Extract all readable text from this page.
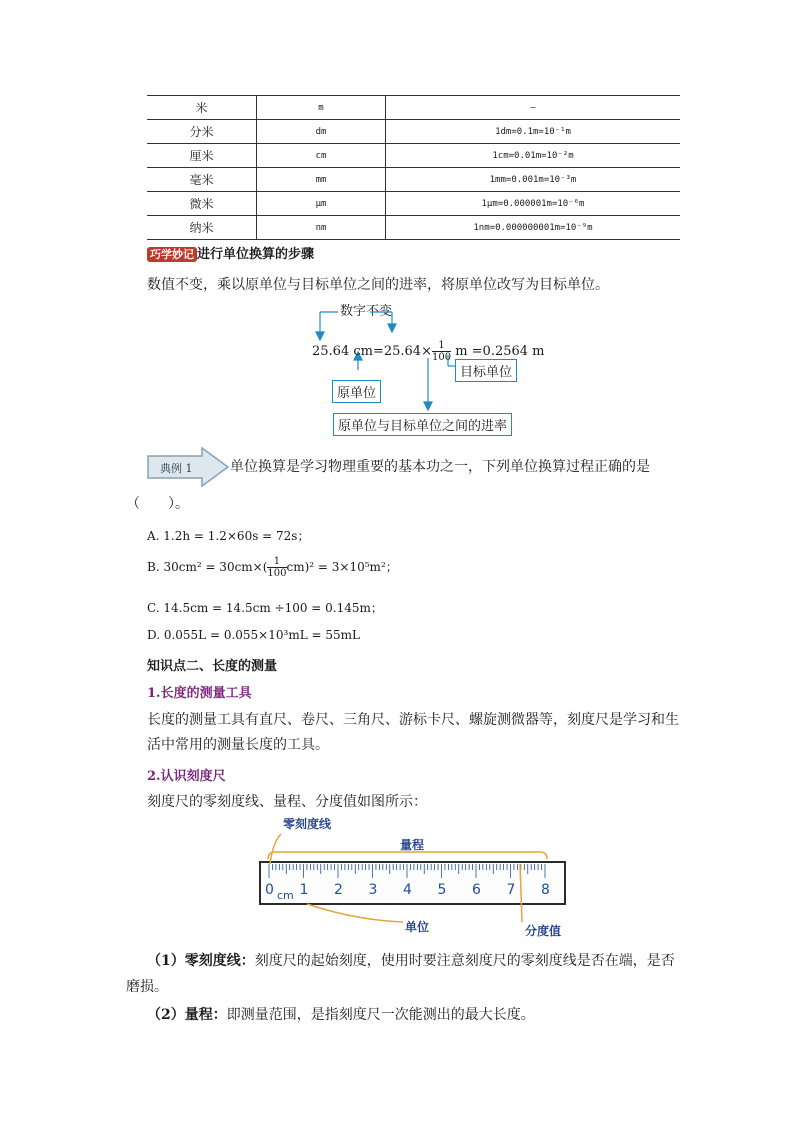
米	m	—
分米	dm	1dm=0.1m=10⁻¹m
厘米	cm	1cm=0.01m=10⁻²m
毫米	mm	1mm=0.001m=10⁻³m
微米	μm	1μm=0.000001m=10⁻⁶m
纳米	nm	1nm=0.000000001m=10⁻⁹m
巧学妙记 进行单位换算的步骤
数值不变，乘以原单位与目标单位之间的进率，将原单位改写为目标单位。
数字不变
25.64 $cm=25.64\times \frac{1}{100}$ m =0.2564 m
原单位
目标单位
原单位与目标单位之间的进率
典例 1	单位换算是学习物理重要的基本功之一，下列单位换算过程正确的是
（　　）。
A. 1.2h = 1.2×60s = 72s；
B. $30cm^2 = 30cm\times( \frac{1}{100} cm)^2 = 3\times 10^5m^2$；
C. 14.5cm = 14.5cm ÷100 = 0.145m；
D. 0.055L = 0.055×10³mL = 55mL
知识点二、长度的测量
1.长度的测量工具
长度的测量工具有直尺、卷尺、三角尺、游标卡尺、螺旋测微器等，刻度尺是学习和生
活中常用的测量长度的工具。
2.认识刻度尺
刻度尺的零刻度线、量程、分度值如图所示：
0 1 2 3 4 5 6 7 8
cm
零刻度线
量程
单位	分度值
（1）零刻度线：刻度尺的起始刻度，使用时要注意刻度尺的零刻度线是否在端，是否
磨损。
（2）量程：即测量范围，是指刻度尺一次能测出的最大长度。
